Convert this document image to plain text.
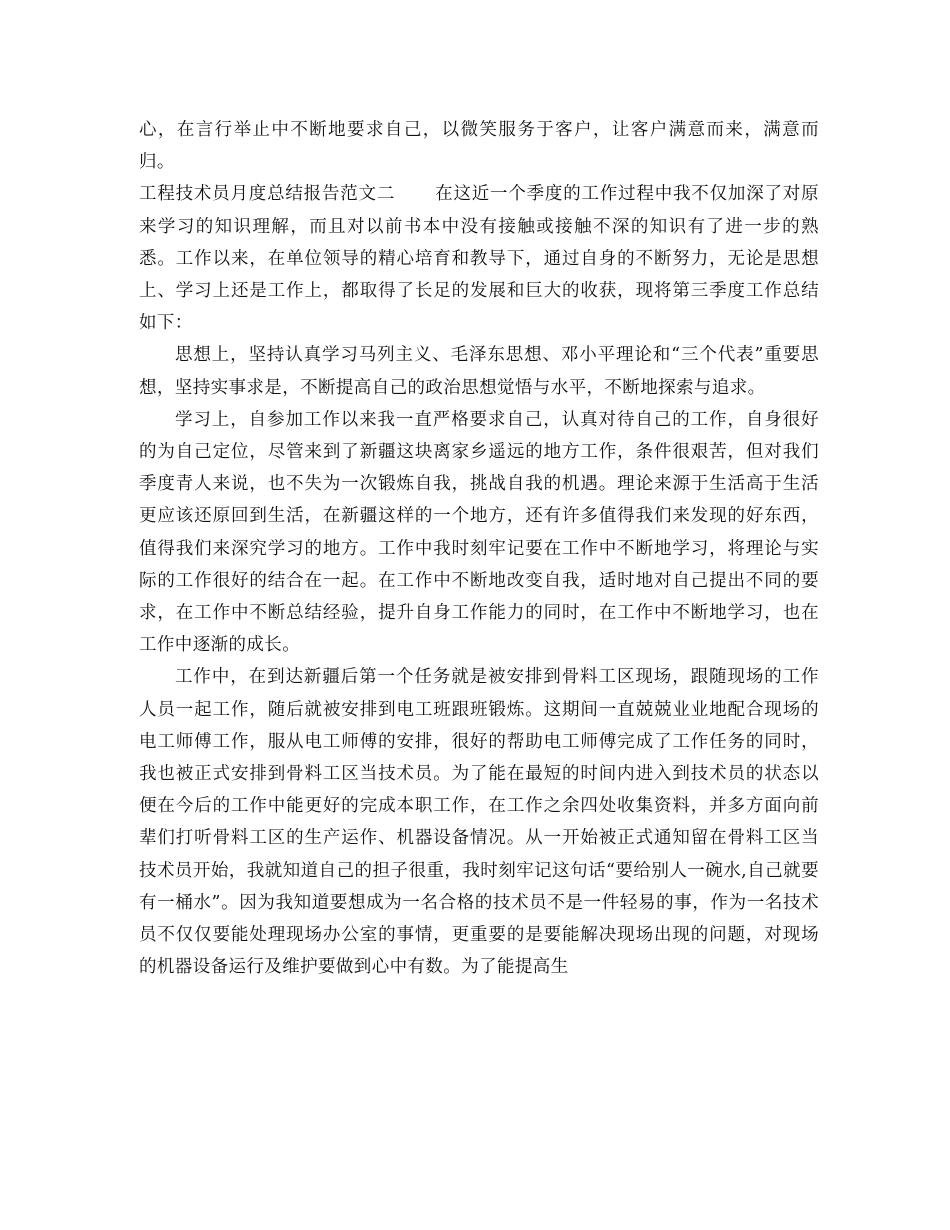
心，在言行举止中不断地要求自己，以微笑服务于客户，让客户满意而来，满意而归。

工程技术员月度总结报告范文二 在这近一个季度的工作过程中我不仅加深了对原来学习的知识理解，而且对以前书本中没有接触或接触不深的知识有了进一步的熟悉。工作以来，在单位领导的精心培育和教导下，通过自身的不断努力，无论是思想上、学习上还是工作上，都取得了长足的发展和巨大的收获，现将第三季度工作总结如下：

思想上，坚持认真学习马列主义、毛泽东思想、邓小平理论和“三个代表”重要思想，坚持实事求是，不断提高自己的政治思想觉悟与水平，不断地探索与追求。

学习上，自参加工作以来我一直严格要求自己，认真对待自己的工作，自身很好的为自己定位，尽管来到了新疆这块离家乡遥远的地方工作，条件很艰苦，但对我们季度青人来说，也不失为一次锻炼自我，挑战自我的机遇。理论来源于生活高于生活更应该还原回到生活，在新疆这样的一个地方，还有许多值得我们来发现的好东西，值得我们来深究学习的地方。工作中我时刻牢记要在工作中不断地学习，将理论与实际的工作很好的结合在一起。在工作中不断地改变自我，适时地对自己提出不同的要求，在工作中不断总结经验，提升自身工作能力的同时，在工作中不断地学习，也在工作中逐渐的成长。

工作中，在到达新疆后第一个任务就是被安排到骨料工区现场，跟随现场的工作人员一起工作，随后就被安排到电工班跟班锻炼。这期间一直兢兢业业地配合现场的电工师傅工作，服从电工师傅的安排，很好的帮助电工师傅完成了工作任务的同时，我也被正式安排到骨料工区当技术员。为了能在最短的时间内进入到技术员的状态以便在今后的工作中能更好的完成本职工作，在工作之余四处收集资料，并多方面向前辈们打听骨料工区的生产运作、机器设备情况。从一开始被正式通知留在骨料工区当技术员开始，我就知道自己的担子很重，我时刻牢记这句话“要给别人一碗水,自己就要有一桶水”。因为我知道要想成为一名合格的技术员不是一件轻易的事，作为一名技术员不仅仅要能处理现场办公室的事情，更重要的是要能解决现场出现的问题，对现场的机器设备运行及维护要做到心中有数。为了能提高生
